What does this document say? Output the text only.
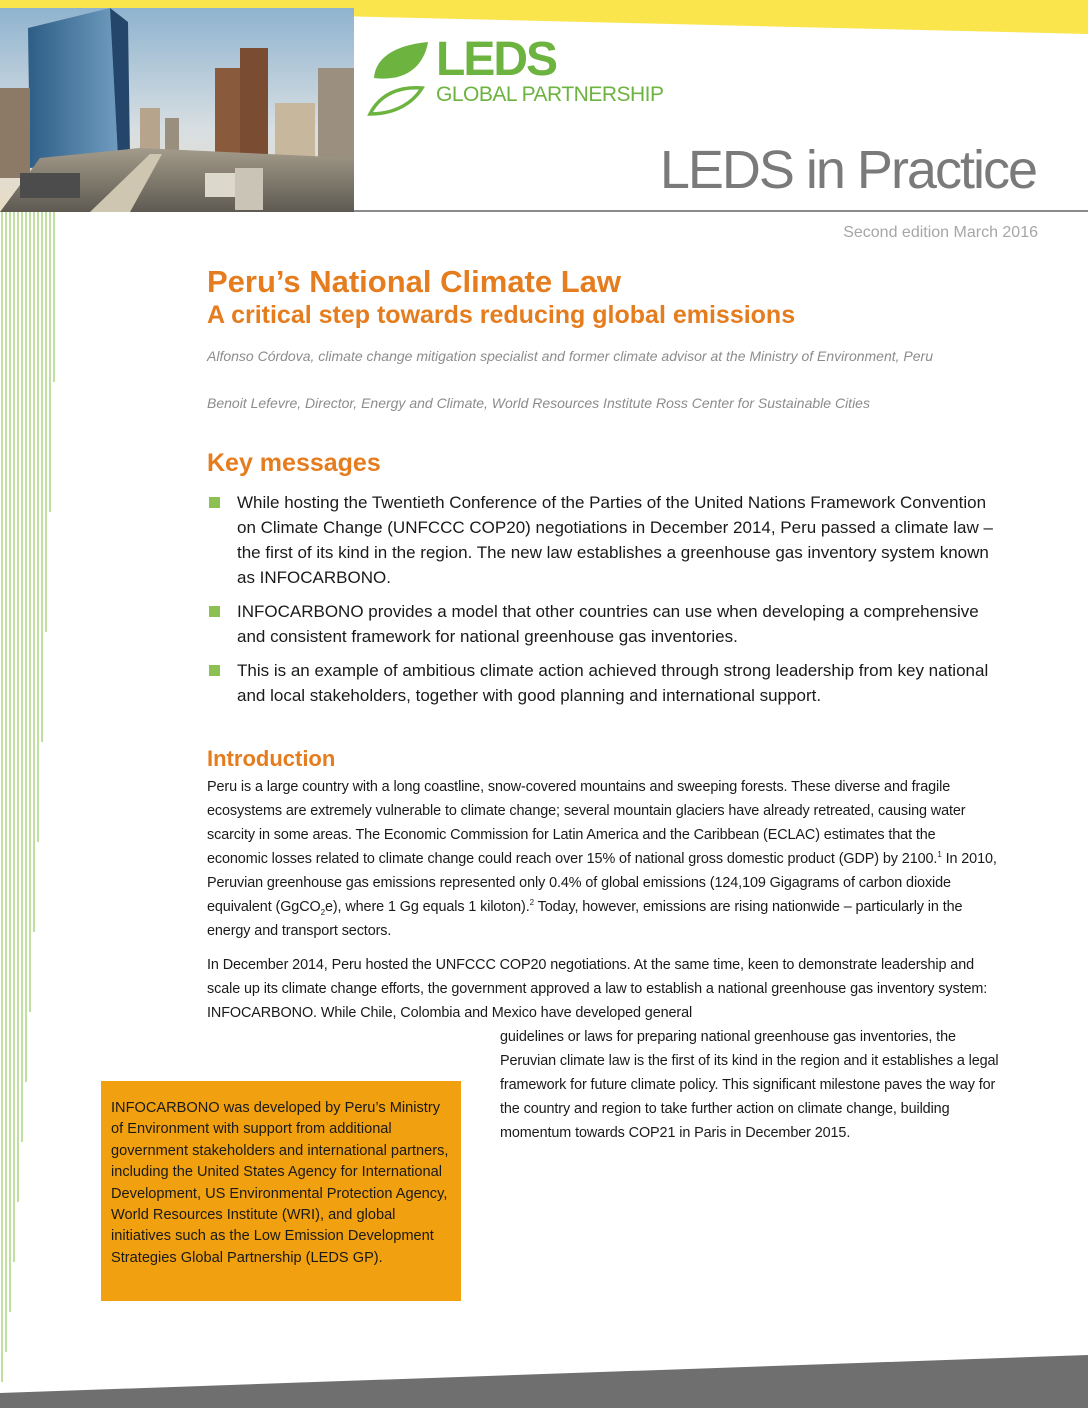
LEDS
GLOBAL PARTNERSHIP
LEDS in Practice
Second edition March 2016
Peru’s National Climate Law
A critical step towards reducing global emissions

Alfonso Córdova, climate change mitigation specialist and former climate advisor at the Ministry of Environment, Peru

Benoit Lefevre, Director, Energy and Climate, World Resources Institute Ross Center for Sustainable Cities

Key messages
While hosting the Twentieth Conference of the Parties of the United Nations Framework Convention on Climate Change (UNFCCC COP20) negotiations in December 2014, Peru passed a climate law – the first of its kind in the region. The new law establishes a greenhouse gas inventory system known as INFOCARBONO.
INFOCARBONO provides a model that other countries can use when developing a comprehensive and consistent framework for national greenhouse gas inventories.
This is an example of ambitious climate action achieved through strong leadership from key national and local stakeholders, together with good planning and international support.
Introduction

Peru is a large country with a long coastline, snow-covered mountains and sweeping forests. These diverse and fragile ecosystems are extremely vulnerable to climate change; several mountain glaciers have already retreated, causing water scarcity in some areas. The Economic Commission for Latin America and the Caribbean (ECLAC) estimates that the economic losses related to climate change could reach over 15% of national gross domestic product (GDP) by 2100.$^1$ In 2010, Peruvian greenhouse gas emissions represented only 0.4% of global emissions (124,109 Gigagrams of carbon dioxide equivalent (GgCO$_2$e), where 1 Gg equals 1 kiloton).$^2$ Today, however, emissions are rising nationwide – particularly in the energy and transport sectors.

In December 2014, Peru hosted the UNFCCC COP20 negotiations. At the same time, keen to demonstrate leadership and scale up its climate change efforts, the government approved a law to establish a national greenhouse gas inventory system: INFOCARBONO. While Chile, Colombia and Mexico have developed general

guidelines or laws for preparing national greenhouse gas inventories, the Peruvian climate law is the first of its kind in the region and it establishes a legal framework for future climate policy. This significant milestone paves the way for the country and region to take further action on climate change, building momentum towards COP21 in Paris in December 2015.

INFOCARBONO was developed by Peru’s Ministry of Environment with support from additional government stakeholders and international partners, including the United States Agency for International Development, US Environmental Protection Agency, World Resources Institute (WRI), and global initiatives such as the Low Emission Development Strategies Global Partnership (LEDS GP).

Low Emission Development Strategies Global Partnership
